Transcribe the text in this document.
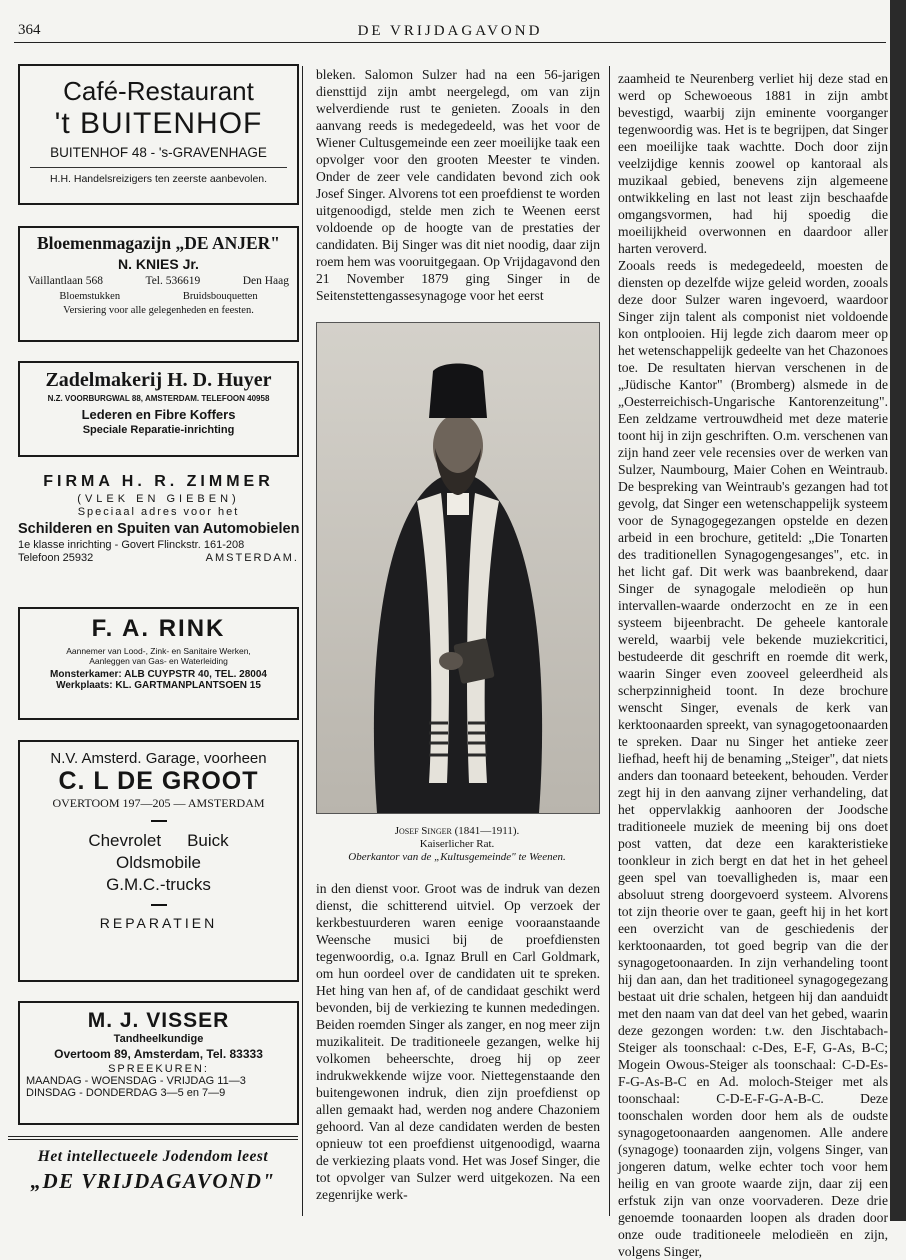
364	DE VRIJDAGAVOND
Café-Restaurant
't BUITENHOF
BUITENHOF 48 - 's-GRAVENHAGE
H.H. Handelsreizigers ten zeerste aanbevolen.
Bloemenmagazijn „DE ANJER"
N. KNIES Jr.
Vaillantlaan 568	Tel. 536619	Den Haag
Bloemstukken	Bruidsbouquetten
Versiering voor alle gelegenheden en feesten.
Zadelmakerij H. D. Huyer
N.Z. VOORBURGWAL 88, AMSTERDAM. TELEFOON 40958
Lederen en Fibre Koffers
Speciale Reparatie-inrichting
FIRMA H. R. ZIMMER
(VLEK EN GIEBEN)
Speciaal adres voor het
Schilderen en Spuiten van Automobielen
1e klasse inrichting - Govert Flinckstr. 161-208
Telefoon 25932	AMSTERDAM.
F. A. RINK
Aannemer van Lood-, Zink- en Sanitaire Werken,
Aanleggen van Gas- en Waterleiding
Monsterkamer: ALB CUYPSTR 40, TEL. 28004
Werkplaats: KL. GARTMANPLANTSOEN 15
N.V. Amsterd. Garage, voorheen
C. L DE GROOT
OVERTOOM 197—205 — AMSTERDAM
Chevrolet Buick
Oldsmobile
G.M.C.-trucks
REPARATIEN
M. J. VISSER
Tandheelkundige
Overtoom 89, Amsterdam, Tel. 83333
SPREEKUREN:
MAANDAG - WOENSDAG - VRIJDAG 11—3
DINSDAG - DONDERDAG 3—5 en 7—9
Het intellectueele Jodendom leest
„DE VRIJDAGAVOND"

bleken. Salomon Sulzer had na een 56-jarigen diensttijd zijn ambt neergelegd, om van zijn welverdiende rust te genieten. Zooals in den aanvang reeds is medegedeeld, was het voor de Wiener Cultusgemeinde een zeer moeilijke taak een opvolger voor den grooten Meester te vinden. Onder de zeer vele candidaten bevond zich ook Josef Singer. Alvorens tot een proefdienst te worden uitgenoodigd, stelde men zich te Weenen eerst voldoende op de hoogte van de prestaties der candidaten. Bij Singer was dit niet noodig, daar zijn roem hem was vooruitgegaan. Op Vrijdagavond den 21 November 1879 ging Singer in de Seitenstettengassesynagoge voor het eerst

Josef Singer (1841—1911).
Kaiserlicher Rat.
Oberkantor van de „Kultusgemeinde" te Weenen.

in den dienst voor. Groot was de indruk van dezen dienst, die schitterend uitviel. Op verzoek der kerkbestuurderen waren eenige vooraanstaande Weensche musici bij de proefdiensten tegenwoordig, o.a. Ignaz Brull en Carl Goldmark, om hun oordeel over de candidaten uit te spreken. Het hing van hen af, of de candidaat geschikt werd bevonden, bij de verkiezing te kunnen mededingen. Beiden roemden Singer als zanger, en nog meer zijn muzikaliteit. De traditioneele gezangen, welke hij volkomen beheerschte, droeg hij op zeer indrukwekkende wijze voor. Niettegenstaande den buitengewonen indruk, dien zijn proefdienst op allen gemaakt had, werden nog andere Chazoniem gehoord. Van al deze candidaten werden de besten opnieuw tot een proefdienst uitgenoodigd, waarna de verkiezing plaats vond. Het was Josef Singer, die tot opvolger van Sulzer werd uitgekozen. Na een zegenrijke werk-

zaamheid te Neurenberg verliet hij deze stad en werd op Schewoeous 1881 in zijn ambt bevestigd, waarbij zijn eminente voorganger tegenwoordig was. Het is te begrijpen, dat Singer een moeilijke taak wachtte. Doch door zijn veelzijdige kennis zoowel op kantoraal als muzikaal gebied, benevens zijn algemeene ontwikkeling en last not least zijn beschaafde omgangsvormen, had hij spoedig die moeilijkheid overwonnen en daardoor aller harten veroverd.

Zooals reeds is medegedeeld, moesten de diensten op dezelfde wijze geleid worden, zooals deze door Sulzer waren ingevoerd, waardoor Singer zijn talent als componist niet voldoende kon ontplooien. Hij legde zich daarom meer op het wetenschappelijk gedeelte van het Chazonoes toe. De resultaten hiervan verschenen in de „Jüdische Kantor" (Bromberg) alsmede in de „Oesterreichisch-Ungarische Kantorenzeitung". Een zeldzame vertrouwdheid met deze materie toont hij in zijn geschriften. O.m. verschenen van zijn hand zeer vele recensies over de werken van Sulzer, Naumbourg, Maier Cohen en Weintraub. De bespreking van Weintraub's gezangen had tot gevolg, dat Singer een wetenschappelijk systeem voor de Synagogegezangen opstelde en dezen arbeid in een brochure, getiteld: „Die Tonarten des traditionellen Synagogengesanges", etc. in het licht gaf. Dit werk was baanbrekend, daar Singer de synagogale melodieën op hun intervallen-waarde onderzocht en ze in een systeem bijeenbracht. De geheele kantorale wereld, waarbij vele bekende muziekcritici, bestudeerde dit geschrift en roemde dit werk, waarin Singer even zooveel geleerdheid als scherpzinnigheid toont. In deze brochure wenscht Singer, evenals de kerk van kerktoonaarden spreekt, van synagogetoonaarden te spreken. Daar nu Singer het antieke zeer liefhad, heeft hij de benaming „Steiger", dat niets anders dan toonaard beteekent, behouden. Verder zegt hij in den aanvang zijner verhandeling, dat het oppervlakkig aanhooren der Joodsche traditioneele muziek de meening bij ons doet post vatten, dat deze een karakteristieke toonkleur in zich bergt en dat het in het geheel geen spel van toevalligheden is, maar een absoluut streng doorgevoerd systeem. Alvorens tot zijn theorie over te gaan, geeft hij in het kort een overzicht van de geschiedenis der kerktoonaarden, tot goed begrip van die der synagogetoonaarden. In zijn verhandeling toont hij dan aan, dan het traditioneel synagogegezang bestaat uit drie schalen, hetgeen hij dan aanduidt met den naam van dat deel van het gebed, waarin deze gezongen worden: t.w. den Jischtabach-Steiger als toonschaal: c-Des, E-F, G-As, B-C; Mogein Owous-Steiger als toonschaal: C-D-Es-F-G-As-B-C en Ad. moloch-Steiger met als toonschaal: C-D-E-F-G-A-B-C. Deze toonschalen worden door hem als de oudste synagogetoonaarden aangenomen. Alle andere (synagoge) toonaarden zijn, volgens Singer, van jongeren datum, welke echter toch voor hem heilig en van groote waarde zijn, daar zij een erfstuk zijn van onze voorvaderen. Deze drie genoemde toonaarden loopen als draden door onze oude traditioneele melodieën en zijn, volgens Singer,
